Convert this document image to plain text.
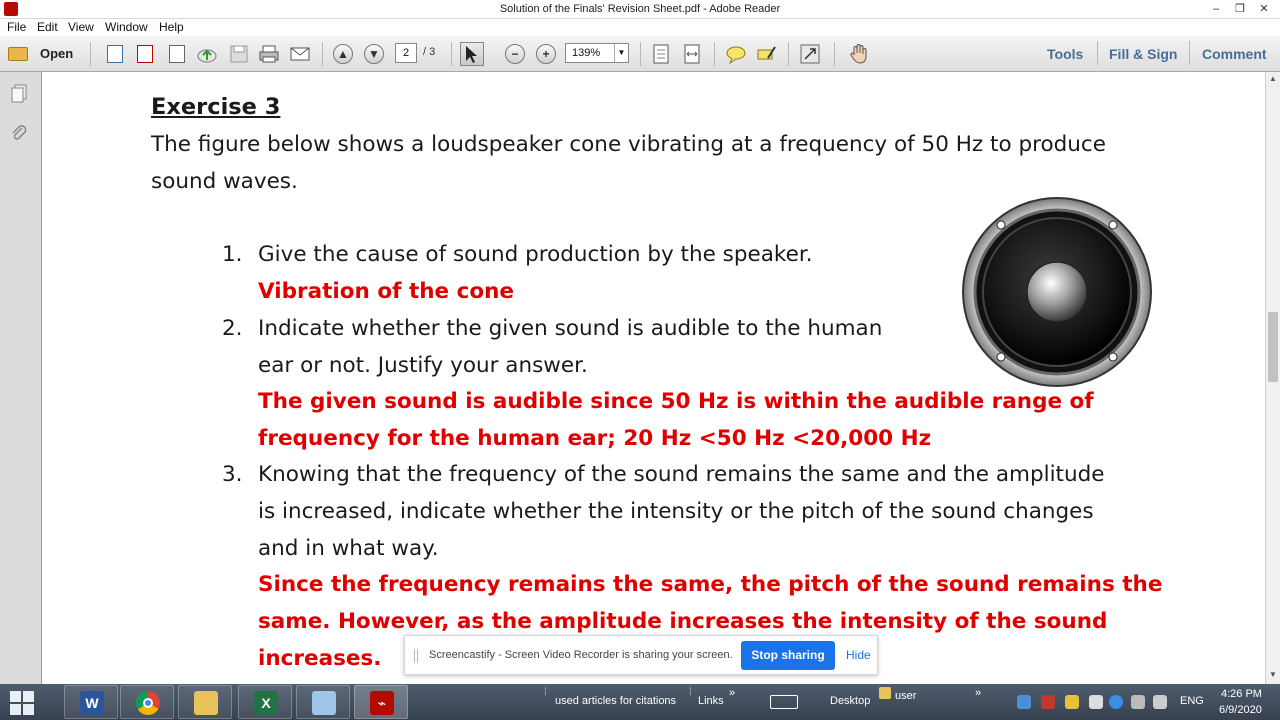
Solution of the Finals' Revision Sheet.pdf - Adobe Reader	–	❐	✕
File Edit View Window Help
Open	▲	▼	2	/ 3	−	+	139%	▼	Tools Fill & Sign Comment
Exercise 3
The figure below shows a loudspeaker cone vibrating at a frequency of 50 Hz to produce
sound waves.
1. Give the cause of sound production by the speaker.
Vibration of the cone
2. Indicate whether the given sound is audible to the human
ear or not. Justify your answer.
The given sound is audible since 50 Hz is within the audible range of
frequency for the human ear; 20 Hz <50 Hz <20,000 Hz
3. Knowing that the frequency of the sound remains the same and the amplitude
is increased, indicate whether the intensity or the pitch of the sound changes
and in what way.
Since the frequency remains the same, the pitch of the sound remains the
same. However, as the amplitude increases the intensity of the sound
increases.
▲
▼
Screencastify - Screen Video Recorder is sharing your screen.	Stop sharing	Hide
W	X	⌁
⁞
used articles for citations
⁞
Links
»
Desktop user	»
ENG
4:26 PM
6/9/2020
